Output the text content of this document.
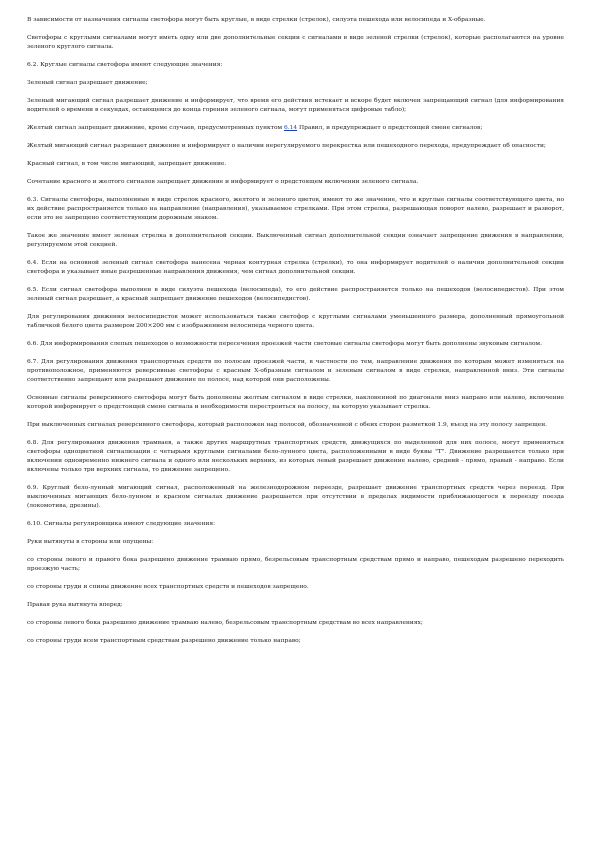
В зависимости от назначения сигналы светофора могут быть круглые, в виде стрелки (стрелок), силуэта пешехода или велосипеда и X-образные.

Светофоры с круглыми сигналами могут иметь одну или две дополнительные секции с сигналами в виде зеленой стрелки (стрелок), которые располагаются на уровне зеленого круглого сигнала.

6.2. Круглые сигналы светофора имеют следующие значения:

Зеленый сигнал разрешает движение;

Зеленый мигающий сигнал разрешает движение и информирует, что время его действия истекает и вскоре будет включен запрещающий сигнал (для информирования водителей о времени в секундах, остающемся до конца горения зеленого сигнала, могут применяться цифровые табло);

Желтый сигнал запрещает движение, кроме случаев, предусмотренных пунктом 6.14 Правил, и предупреждает о предстоящей смене сигналов;

Желтый мигающий сигнал разрешает движение и информирует о наличии нерегулируемого перекрестка или пешеходного перехода, предупреждает об опасности;

Красный сигнал, в том числе мигающий, запрещает движение.

Сочетание красного и желтого сигналов запрещает движение и информирует о предстоящем включении зеленого сигнала.

6.3. Сигналы светофора, выполненные в виде стрелок красного, желтого и зеленого цветов, имеют то же значение, что и круглые сигналы соответствующего цвета, но их действие распространяется только на направление (направления), указываемое стрелками. При этом стрелка, разрешающая поворот налево, разрешает и разворот, если это не запрещено соответствующим дорожным знаком.

Такое же значение имеет зеленая стрелка в дополнительной секции. Выключенный сигнал дополнительной секции означает запрещение движения в направлении, регулируемом этой секцией.

6.4. Если на основной зеленый сигнал светофора нанесена черная контурная стрелка (стрелки), то она информирует водителей о наличии дополнительной секции светофора и указывает иные разрешенные направления движения, чем сигнал дополнительной секции.

6.5. Если сигнал светофора выполнен в виде силуэта пешехода (велосипеда), то его действие распространяется только на пешеходов (велосипедистов). При этом зеленый сигнал разрешает, а красный запрещает движение пешеходов (велосипедистов).

Для регулирования движения велосипедистов может использоваться также светофор с круглыми сигналами уменьшенного размера, дополненный прямоугольной табличкой белого цвета размером 200×200 мм с изображением велосипеда черного цвета.

6.6. Для информирования слепых пешеходов о возможности пересечения проезжей части световые сигналы светофора могут быть дополнены звуковым сигналом.

6.7. Для регулирования движения транспортных средств по полосам проезжей части, в частности по тем, направление движения по которым может изменяться на противоположное, применяются реверсивные светофоры с красным X-образным сигналом и зеленым сигналом в виде стрелки, направленной вниз. Эти сигналы соответственно запрещают или разрешают движение по полосе, над которой они расположены.

Основные сигналы реверсивного светофора могут быть дополнены желтым сигналом в виде стрелки, наклоненной по диагонали вниз направо или налево, включение которой информирует о предстоящей смене сигнала и необходимости перестроиться на полосу, на которую указывает стрелка.

При выключенных сигналах реверсивного светофора, который расположен над полосой, обозначенной с обеих сторон разметкой 1.9, въезд на эту полосу запрещен.

6.8. Для регулирования движения трамваев, а также других маршрутных транспортных средств, движущихся по выделенной для них полосе, могут применяться светофоры одноцветной сигнализации с четырьмя круглыми сигналами бело-лунного цвета, расположенными в виде буквы "Т". Движение разрешается только при включении одновременно нижнего сигнала и одного или нескольких верхних, из которых левый разрешает движение налево, средний - прямо, правый - направо. Если включены только три верхних сигнала, то движение запрещено.

6.9. Круглый бело-лунный мигающий сигнал, расположенный на железнодорожном переезде, разрешает движение транспортных средств через переезд. При выключенных мигающих бело-лунном и красном сигналах движение разрешается при отсутствии в пределах видимости приближающегося к переезду поезда (локомотива, дрезины).

6.10. Сигналы регулировщика имеют следующие значения:

Руки вытянуты в стороны или опущены:

со стороны левого и правого бока разрешено движение трамваю прямо, безрельсовым транспортным средствам прямо и направо, пешеходам разрешено переходить проезжую часть;

со стороны груди и спины движение всех транспортных средств и пешеходов запрещено.

Правая рука вытянута вперед:

со стороны левого бока разрешено движение трамваю налево, безрельсовым транспортным средствам во всех направлениях;

со стороны груди всем транспортным средствам разрешено движение только направо;
